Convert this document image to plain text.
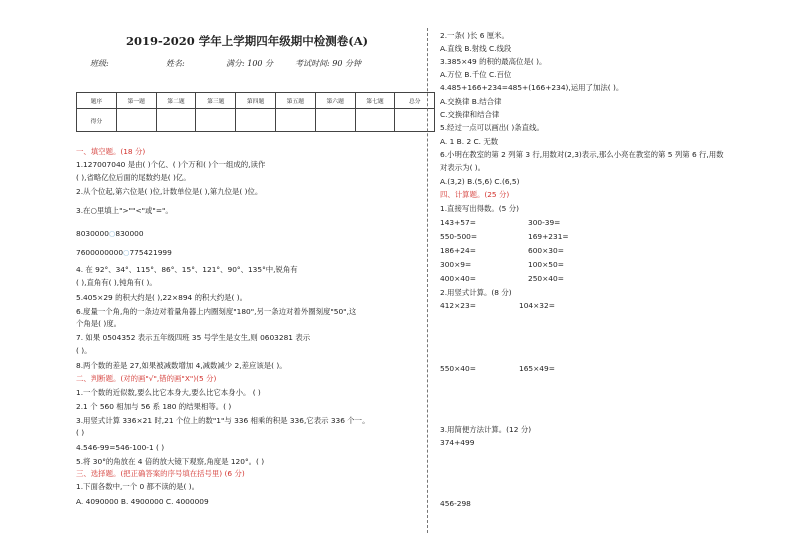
2019-2020 学年上学期四年级期中检测卷(A)
班级:	姓名:	满分: 100 分	考试时间: 90 分钟
题序	第一题	第二题	第三题	第四题	第五题	第六题	第七题	总分
得分								
一、填空题。(18 分)
1.127007040 是由( )个亿、( )个万和( )个一组成的,读作
( ),省略亿位后面的尾数约是( )亿。
2.从个位起,第六位是( )位,计数单位是( ),第九位是( )位。
3.在○里填上">""<"或"="。
8030000○830000
7600000000○775421999
4. 在 92°、34°、115°、86°、15°、121°、90°、135°中,锐角有
( ),直角有( ),钝角有( )。
5.405×29 的积大约是( ),22×894 的积大约是( )。
6.度量一个角,角的一条边对着量角器上内圈刻度"180",另一条边对着外圈刻度"50",这
个角是( )度。
7. 如果 0504352 表示五年级四班 35 号学生是女生,则 0603281 表示
( )。
8.两个数的差是 27,如果被减数增加 4,减数减少 2,差应该是( )。
二、判断题。(对的画"√",错的画"X")(5 分)
1.一个数的近似数,要么比它本身大,要么比它本身小。 ( )
2.1 个 560 相加与 56 系 180 的结果相等。( )
3.用竖式计算 336×21 时,21 个位上的数"1"与 336 相乘的积是 336,它表示 336 个一。
( )
4.546-99=546-100-1 ( )
5.将 30°的角放在 4 倍的放大镜下观察,角度是 120°。( )
三、选择题。(把正确答案的序号填在括号里) (6 分)
1.下面各数中,一个 0 都不读的是( )。
A. 4090000 B. 4900000 C. 4000009
2.一条( )长 6 厘米。
A.直线 B.射线 C.线段
3.385×49 的积的最高位是( )。
A.万位 B.千位 C.百位
4.485+166+234=485+(166+234),运用了加法( )。
A.交换律 B.结合律
C.交换律和结合律
5.经过一点可以画出( )条直线。
A. 1 B. 2 C. 无数
6.小明在教室的第 2 列第 3 行,用数对(2,3)表示,那么小亮在教室的第 5 列第 6 行,用数
对表示为( )。
A.(3,2) B.(5,6) C.(6,5)
四、计算题。(25 分)
1.直接写出得数。(5 分)
143+57=	300-39=
550-500=	169+231=
186+24=	600×30=
300×9=	100×50=
400×40=	250×40=
2.用竖式计算。(8 分)
412×23=	104×32=
550×40=	165×49=
3.用简便方法计算。(12 分)
374+499
456-298
